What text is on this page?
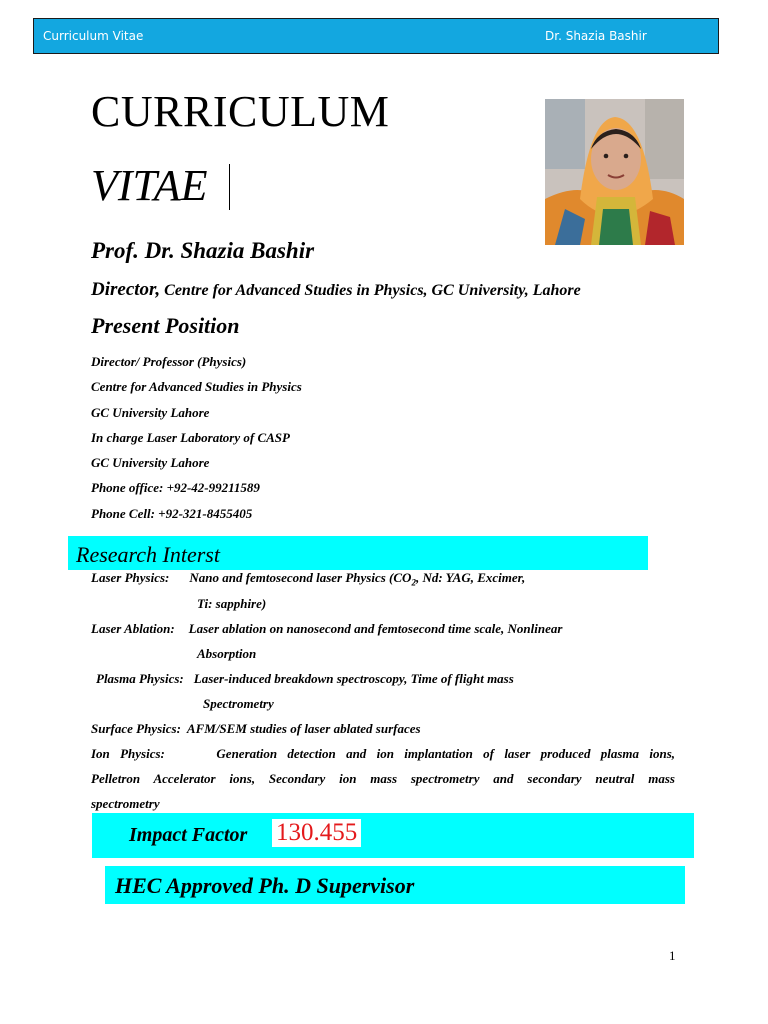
Curriculum Vitae	Dr. Shazia Bashir
CURRICULUM
VITAE
Prof. Dr. Shazia Bashir
Director, Centre for Advanced Studies in Physics, GC University, Lahore
Present Position
Director/ Professor (Physics)
Centre for Advanced Studies in Physics
GC University Lahore
In charge Laser Laboratory of CASP
GC University Lahore
Phone office: +92-42-99211589
Phone Cell: +92-321-8455405
Research Interst
Laser Physics: Nano and femtosecond laser Physics ($CO_2$, Nd: YAG, Excimer,
Ti: sapphire)
Laser Ablation: Laser ablation on nanosecond and femtosecond time scale, Nonlinear
Absorption
Plasma Physics: Laser-induced breakdown spectroscopy, Time of flight mass
Spectrometry
Surface Physics: AFM/SEM studies of laser ablated surfaces
Ion Physics:	Generation detection and ion implantation of laser produced plasma ions,
Pelletron Accelerator ions, Secondary ion mass spectrometry and secondary neutral mass
spectrometry
Impact Factor 130.455
HEC Approved Ph. D Supervisor
1
